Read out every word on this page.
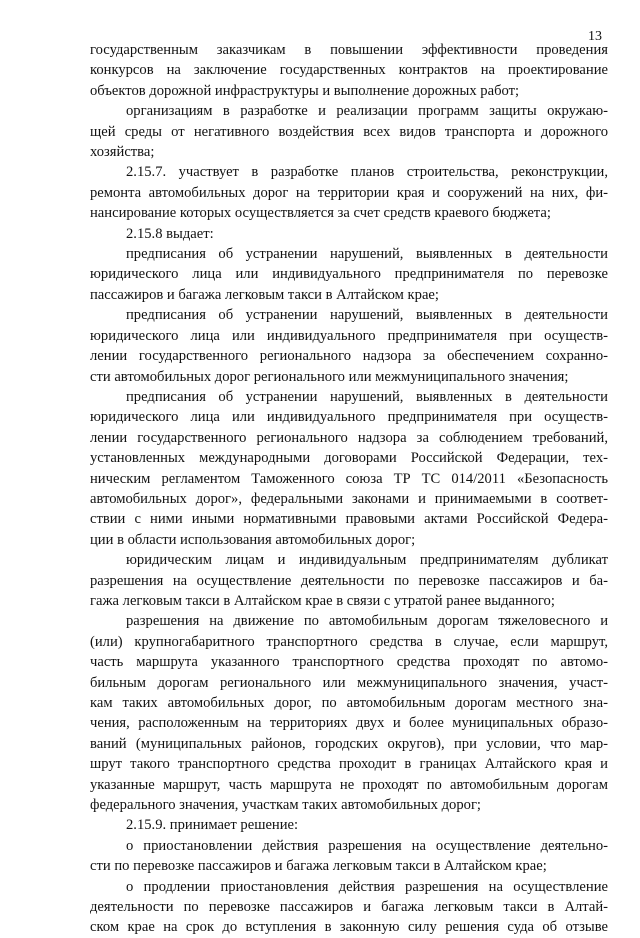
13
государственным заказчикам в повышении эффективности проведения
конкурсов на заключение государственных контрактов на проектирование
объектов дорожной инфраструктуры и выполнение дорожных работ;
организациям в разработке и реализации программ защиты окружаю-
щей среды от негативного воздействия всех видов транспорта и дорожного
хозяйства;
2.15.7. участвует в разработке планов строительства, реконструкции,
ремонта автомобильных дорог на территории края и сооружений на них, фи-
нансирование которых осуществляется за счет средств краевого бюджета;
2.15.8 выдает:
предписания об устранении нарушений, выявленных в деятельности
юридического лица или индивидуального предпринимателя по перевозке
пассажиров и багажа легковым такси в Алтайском крае;
предписания об устранении нарушений, выявленных в деятельности
юридического лица или индивидуального предпринимателя при осуществ-
лении государственного регионального надзора за обеспечением сохранно-
сти автомобильных дорог регионального или межмуниципального значения;
предписания об устранении нарушений, выявленных в деятельности
юридического лица или индивидуального предпринимателя при осуществ-
лении государственного регионального надзора за соблюдением требований,
установленных международными договорами Российской Федерации, тех-
ническим регламентом Таможенного союза ТР ТС 014/2011 «Безопасность
автомобильных дорог», федеральными законами и принимаемыми в соответ-
ствии с ними иными нормативными правовыми актами Российской Федера-
ции в области использования автомобильных дорог;
юридическим лицам и индивидуальным предпринимателям дубликат
разрешения на осуществление деятельности по перевозке пассажиров и ба-
гажа легковым такси в Алтайском крае в связи с утратой ранее выданного;
разрешения на движение по автомобильным дорогам тяжеловесного и
(или) крупногабаритного транспортного средства в случае, если маршрут,
часть маршрута указанного транспортного средства проходят по автомо-
бильным дорогам регионального или межмуниципального значения, участ-
кам таких автомобильных дорог, по автомобильным дорогам местного зна-
чения, расположенным на территориях двух и более муниципальных образо-
ваний (муниципальных районов, городских округов), при условии, что мар-
шрут такого транспортного средства проходит в границах Алтайского края и
указанные маршрут, часть маршрута не проходят по автомобильным дорогам
федерального значения, участкам таких автомобильных дорог;
2.15.9. принимает решение:
о приостановлении действия разрешения на осуществление деятельно-
сти по перевозке пассажиров и багажа легковым такси в Алтайском крае;
о продлении приостановления действия разрешения на осуществление
деятельности по перевозке пассажиров и багажа легковым такси в Алтай-
ском крае на срок до вступления в законную силу решения суда об отзыве
